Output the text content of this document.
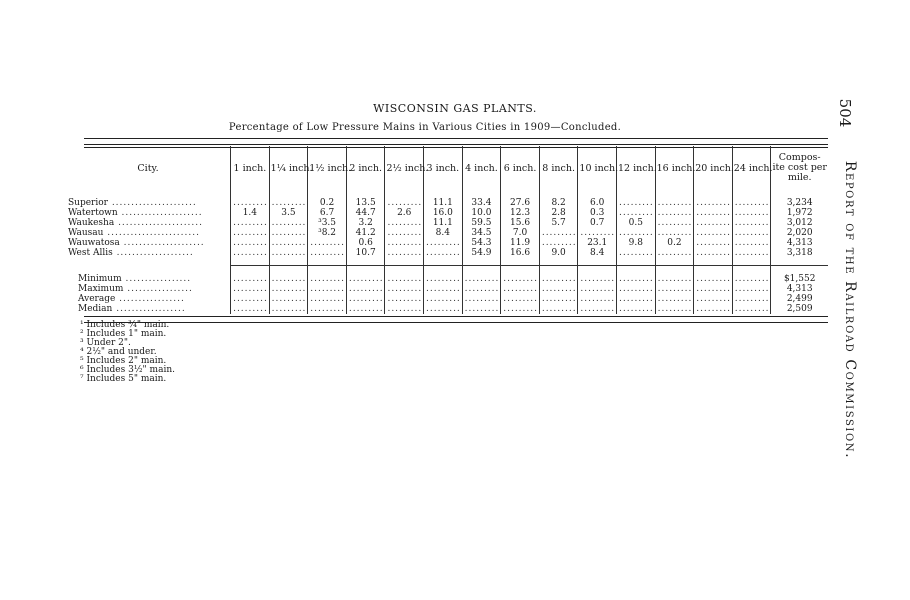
WISCONSIN GAS PLANTS.
Percentage of Low Pressure Mains in Various Cities in 1909—Concluded.
504
Report of the Railroad Commission.
City.	1 inch.	1¼ inch.	1½ inch.	2 inch.	2½ inch.	3 inch.	4 inch.	6 inch.	8 inch.	10 inch.	12 inch.	16 inch.	20 inch.	24 inch.	Compos- ite cost per mile.
Superior ......................	.........	.........	0.2	13.5	.........	11.1	33.4	27.6	8.2	6.0	.........	.........	.........	.........	3,234
Watertown .....................	1.4	3.5	6.7	44.7	2.6	16.0	10.0	12.3	2.8	0.3	.........	.........	.........	.........	1,972
Waukesha ......................	.........	.........	³3.5	3.2	.........	11.1	59.5	15.6	5.7	0.7	0.5	.........	.........	.........	3,012
Wausau ........................	.........	.........	³8.2	41.2	.........	8.4	34.5	7.0	.........	.........	.........	.........	.........	.........	2,020
Wauwatosa .....................	.........	.........	.........	0.6	.........	.........	54.3	11.9	.........	23.1	9.8	0.2	.........	.........	4,313
West Allis ....................	.........	.........	.........	10.7	.........	.........	54.9	16.6	9.0	8.4	.........	.........	.........	.........	3,318
Minimum .................	.........	.........	.........	.........	.........	.........	.........	.........	.........	.........	.........	.........	.........	.........	$1,552
Maximum .................	.........	.........	.........	.........	.........	.........	.........	.........	.........	.........	.........	.........	.........	.........	4,313
Average .................	.........	.........	.........	.........	.........	.........	.........	.........	.........	.........	.........	.........	.........	.........	2,499
Median ..................	.........	.........	.........	.........	.........	.........	.........	.........	.........	.........	.........	.........	.........	.........	2,509
¹ Includes ¾" main.
² Includes 1" main.
³ Under 2".
⁴ 2½" and under.
⁵ Includes 2" main.
⁶ Includes 3½" main.
⁷ Includes 5" main.
